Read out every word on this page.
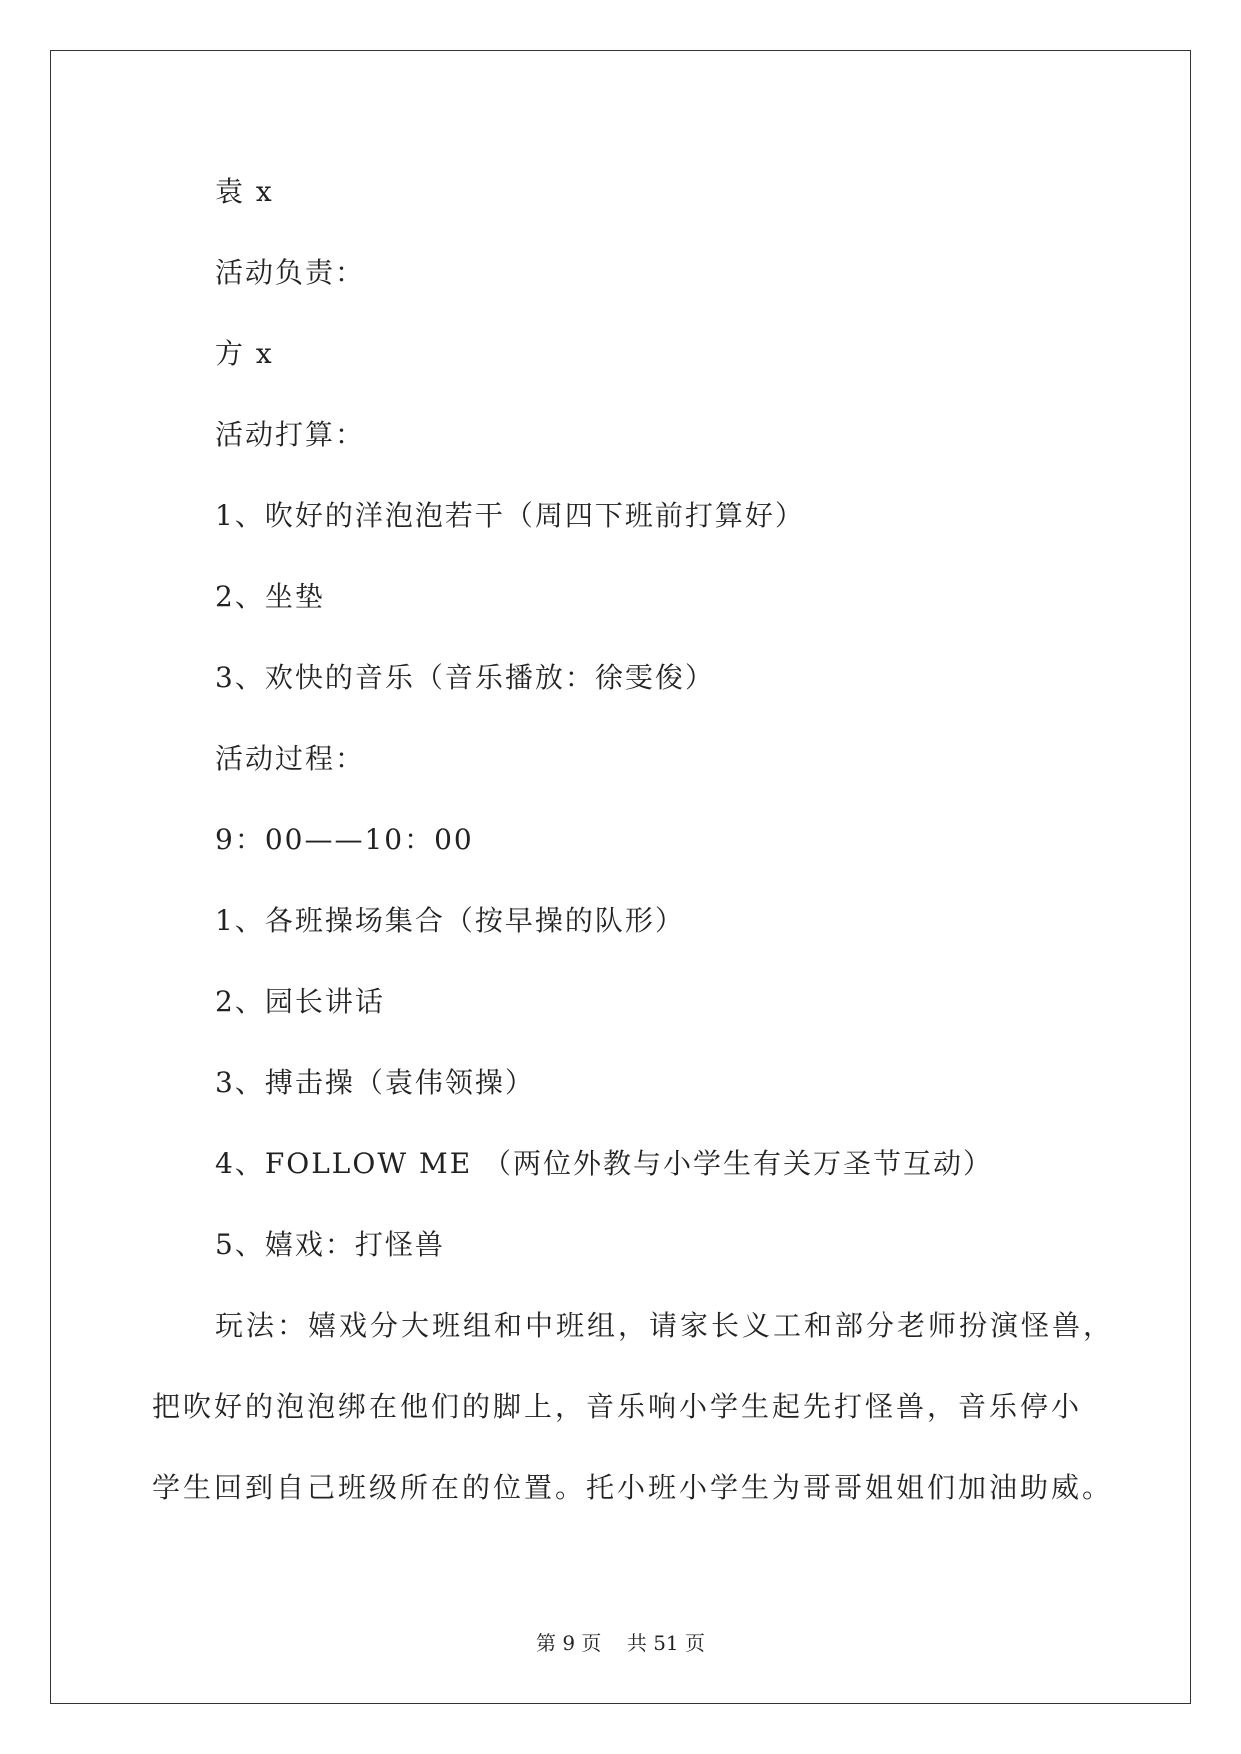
袁 x
活动负责：
方 x
活动打算：
1、吹好的洋泡泡若干（周四下班前打算好）
2、坐垫
3、欢快的音乐（音乐播放：徐雯俊）
活动过程：
9：00——10：00
1、各班操场集合（按早操的队形）
2、园长讲话
3、搏击操（袁伟领操）
4、FOLLOW ME （两位外教与小学生有关万圣节互动）
5、嬉戏：打怪兽
玩法：嬉戏分大班组和中班组，请家长义工和部分老师扮演怪兽，
把吹好的泡泡绑在他们的脚上，音乐响小学生起先打怪兽，音乐停小
学生回到自己班级所在的位置。托小班小学生为哥哥姐姐们加油助威。
第 9 页    共 51 页
